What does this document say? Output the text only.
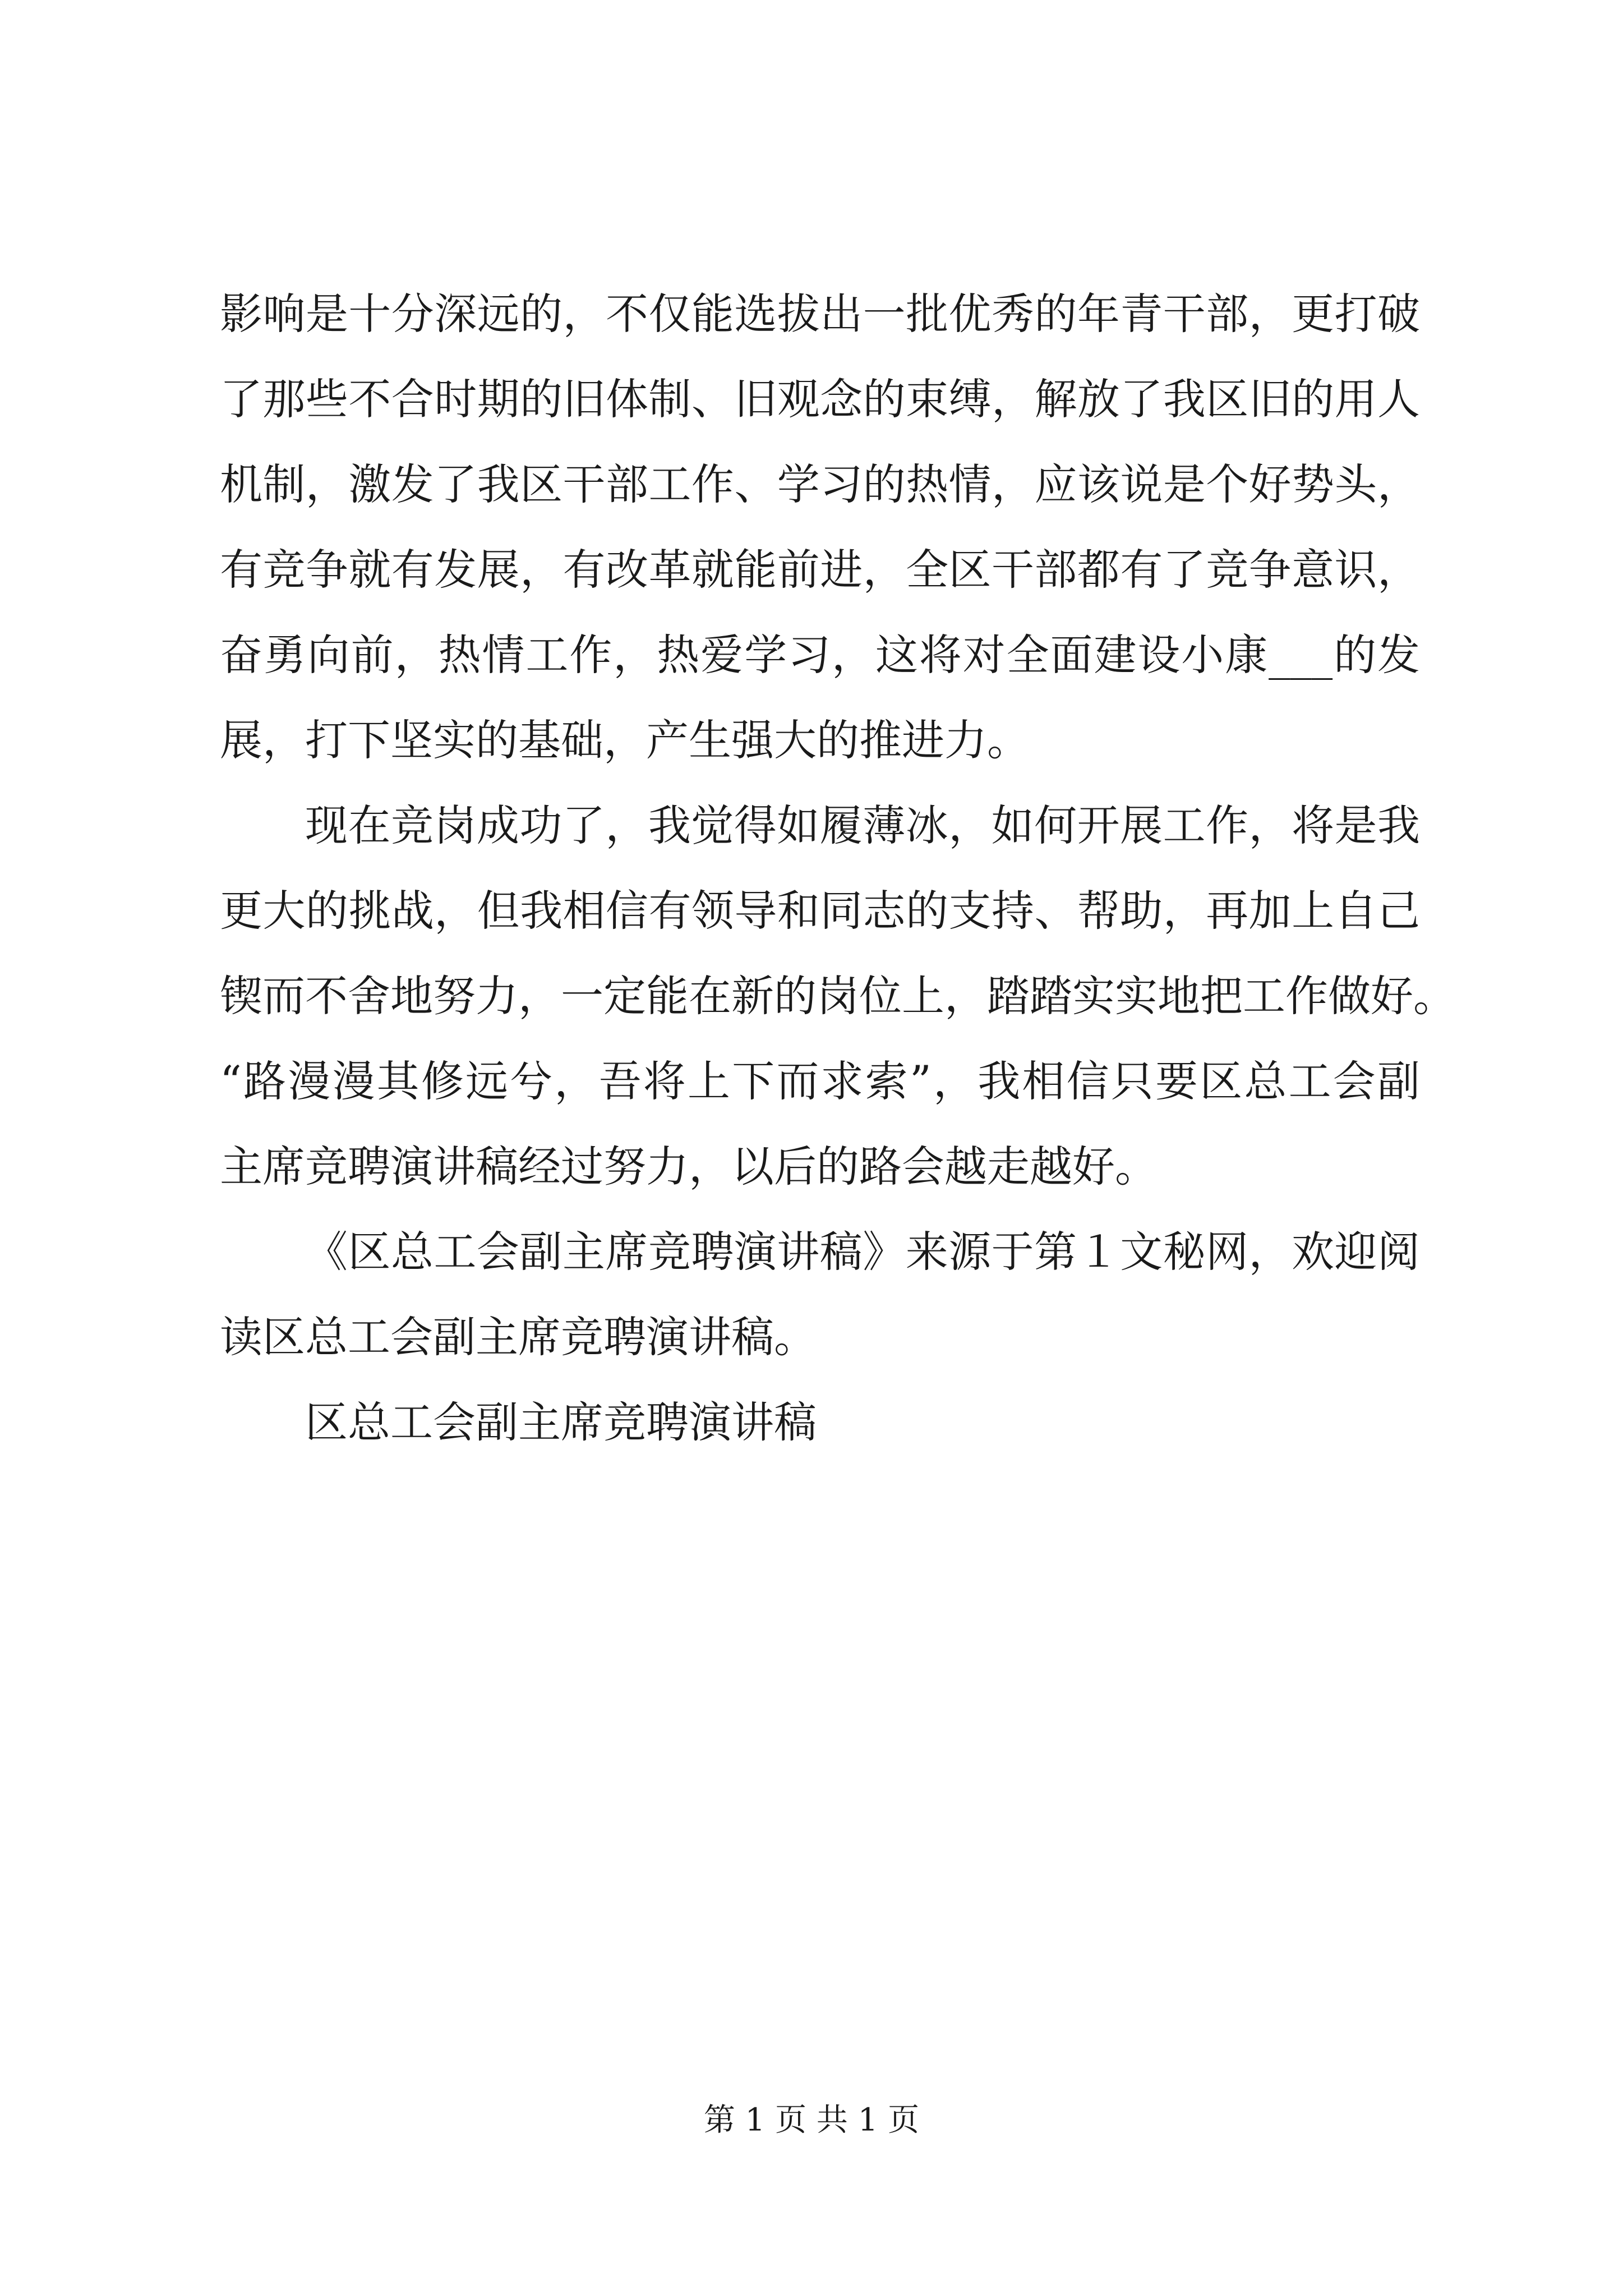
影响是十分深远的，不仅能选拔出一批优秀的年青干部，更打破
了那些不合时期的旧体制、旧观念的束缚，解放了我区旧的用人
机制，激发了我区干部工作、学习的热情，应该说是个好势头，
有竞争就有发展，有改革就能前进，全区干部都有了竞争意识，
奋勇向前，热情工作，热爱学习，这将对全面建设小康___的发
展，打下坚实的基础，产生强大的推进力。
现在竞岗成功了，我觉得如履薄冰，如何开展工作，将是我
更大的挑战，但我相信有领导和同志的支持、帮助，再加上自己
锲而不舍地努力，一定能在新的岗位上，踏踏实实地把工作做好。
“路漫漫其修远兮，吾将上下而求索”，我相信只要区总工会副
主席竞聘演讲稿经过努力，以后的路会越走越好。
《区总工会副主席竞聘演讲稿》来源于第１文秘网，欢迎阅
读区总工会副主席竞聘演讲稿。
区总工会副主席竞聘演讲稿
第 1 页 共 1 页
